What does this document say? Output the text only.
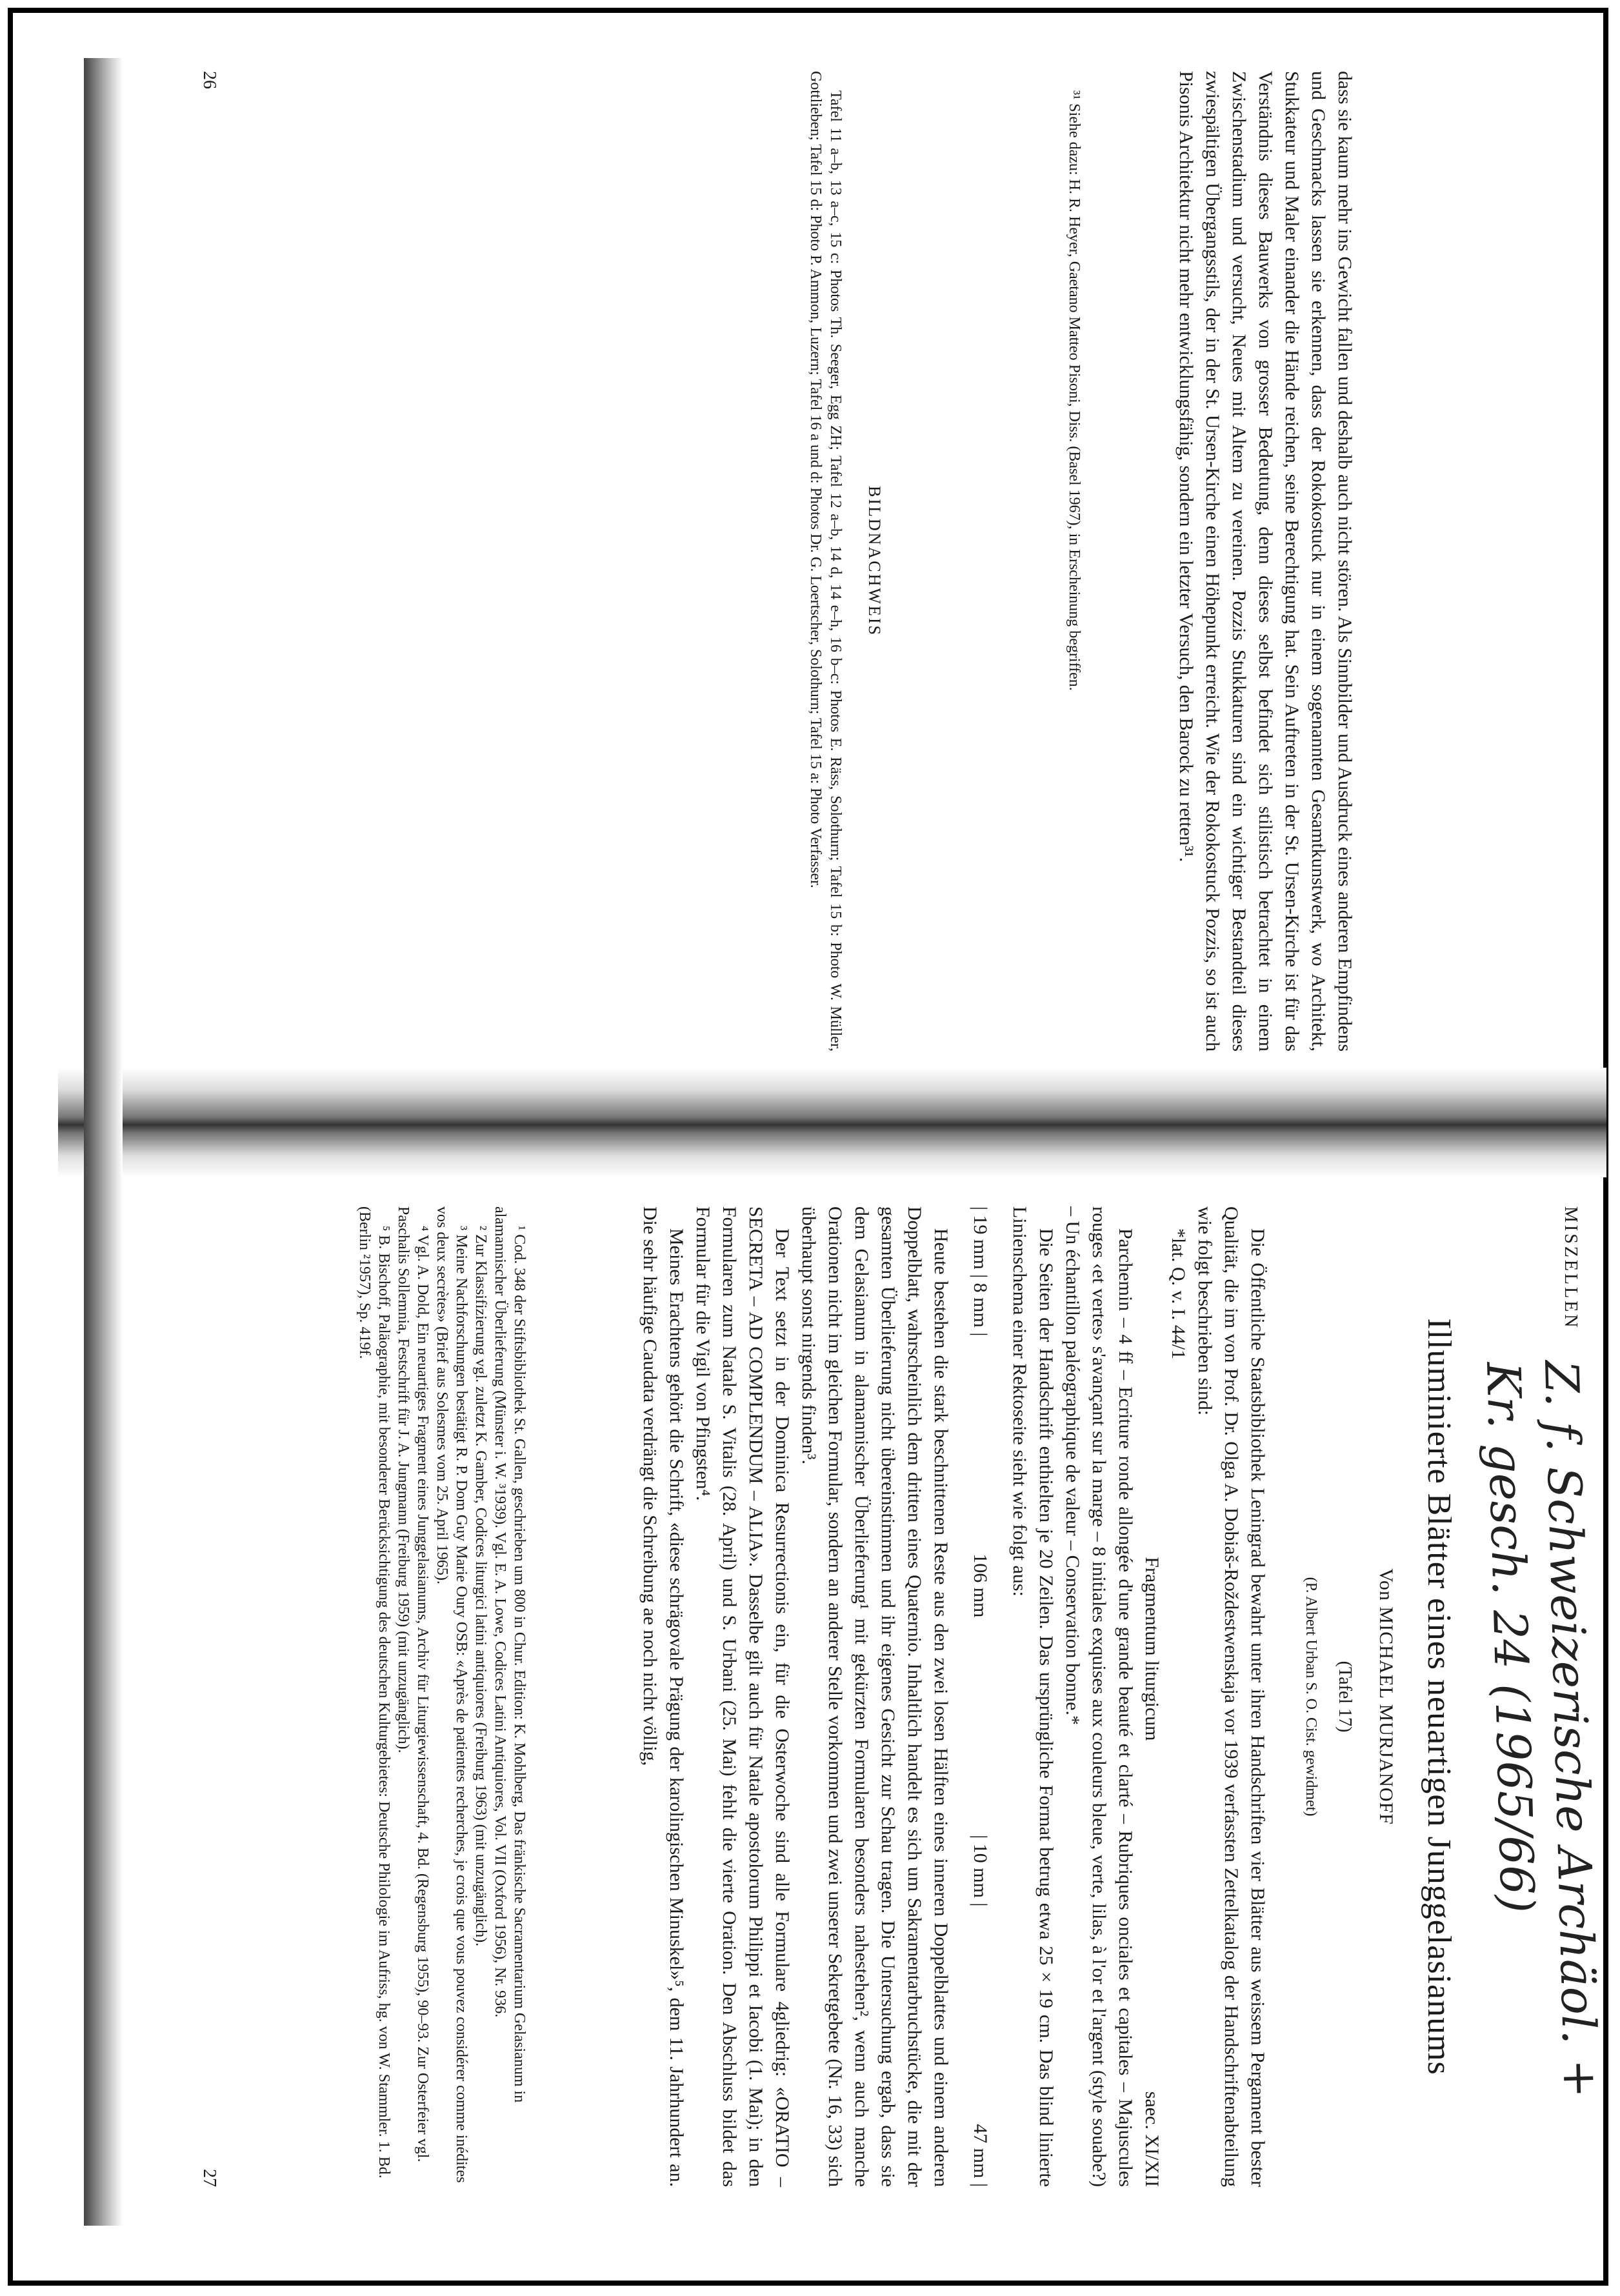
dass sie kaum mehr ins Gewicht fallen und deshalb auch nicht stören. Als Sinnbilder und Ausdruck eines anderen Empfindens und Geschmacks lassen sie erkennen, dass der Rokokostuck nur in einem sogenannten Gesamtkunstwerk, wo Architekt, Stukkateur und Maler einander die Hände reichen, seine Berechtigung hat. Sein Auftreten in der St. Ursen-Kirche ist für das Verständnis dieses Bauwerks von grosser Bedeutung, denn dieses selbst befindet sich stilistisch betrachtet in einem Zwischenstadium und versucht, Neues mit Altem zu vereinen. Pozzis Stukkaturen sind ein wichtiger Bestandteil dieses zwiespältigen Übergangsstils, der in der St. Ursen-Kirche einen Höhepunkt erreicht. Wie der Rokokostuck Pozzis, so ist auch Pisonis Architektur nicht mehr entwicklungsfähig, sondern ein letzter Versuch, den Barock zu retten³¹.

³¹ Siehe dazu: H. R. Heyer, Gaetano Matteo Pisoni, Diss. (Basel 1967), in Erscheinung begriffen.
BILDNACHWEIS
Tafel 11 a–b, 13 a–c, 15 c: Photos Th. Seeger, Egg ZH; Tafel 12 a–b, 14 d, 14 e–h, 16 b–c: Photos E. Räss, Solothurn; Tafel 15 b: Photo W. Müller, Gottlieben; Tafel 15 d: Photo P. Ammon, Luzern; Tafel 16 a und d: Photos Dr. G. Loertscher, Solothurn; Tafel 15 a: Photo Verfasser.
26
MISZELLEN
Z. f. Schweizerische Archäol. +
Kr. gesch. 24 (1965/66)
Illuminierte Blätter eines neuartigen Junggelasianums
Von MICHAEL MURJANOFF
(Tafel 17)
(P. Albert Urban S. O. Cist. gewidmet)

Die Öffentliche Staatsbibliothek Leningrad bewahrt unter ihren Handschriften vier Blätter aus weissem Pergament bester Qualität, die im von Prof. Dr. Olga A. Dobiaš-Roždestwenskaja vor 1939 verfassten Zettelkatalog der Handschriftenabteilung wie folgt beschrieben sind:

*lat. Q. v. I. 44/1

Fragmentum liturgicum
saec. XI/XII

Parchemin – 4 ff – Ecriture ronde allongée d'une grande beauté et clarté – Rubriques onciales et capitales – Majuscules rouges ‹et vertes› s'avançant sur la marge – 8 initiales exquises aux couleurs bleue, verte, lilas, à l'or et l'argent (style souabe?) – Un échantillon paléographique de valeur – Conservation bonne.*

Die Seiten der Handschrift enthielten je 20 Zeilen. Das ursprüngliche Format betrug etwa 25 × 19 cm. Das blind linierte Linienschema einer Rektoseite sieht wie folgt aus:

| 19 mm | 8 mm |
106 mm
| 10 mm |
47 mm |

Heute bestehen die stark beschnittenen Reste aus den zwei losen Hälften eines inneren Doppelblattes und einem anderen Doppelblatt, wahrscheinlich dem dritten eines Quaternio. Inhaltlich handelt es sich um Sakramentarbruchstücke, die mit der gesamten Überlieferung nicht übereinstimmen und ihr eigenes Gesicht zur Schau tragen. Die Untersuchung ergab, dass sie dem Gelasianum in alamannischer Überlieferung¹ mit gekürzten Formularen besonders nahestehen², wenn auch manche Orationen nicht im gleichen Formular, sondern an anderer Stelle vorkommen und zwei unserer Sekretgebete (Nr. 16, 33) sich überhaupt sonst nirgends finden³.

Der Text setzt in der Dominica Resurrectionis ein, für die Osterwoche sind alle Formulare 4gliedrig: «ORATIO – SECRETA – AD COMPLENDUM – ALIA». Dasselbe gilt auch für Natale apostolorum Philippi et Iacobi (1. Mai); in den Formularen zum Natale S. Vitalis (28. April) und S. Urbani (25. Mai) fehlt die vierte Oration. Den Abschluss bildet das Formular für die Vigil von Pfingsten⁴.

Meines Erachtens gehört die Schrift, «diese schrägovale Prägung der karolingischen Minuskel»⁵, dem 11. Jahrhundert an. Die sehr häufige Caudata verdrängt die Schreibung ae noch nicht völlig,

¹ Cod. 348 der Stiftsbibliothek St. Gallen, geschrieben um 800 in Chur. Edition: K. Mohlberg, Das fränkische Sacramentarium Gelasianum in alamannischer Überlieferung (Münster i. W. ³1939). Vgl. E. A. Lowe, Codices Latini Antiquiores, Vol. VII (Oxford 1956), Nr. 936.

² Zur Klassifizierung vgl. zuletzt K. Gamber, Codices liturgici latini antiquiores (Freiburg 1963) (mit unzugänglich).

³ Meine Nachforschungen bestätigt R. P. Dom Guy Marie Oury OSB: «Après de patientes recherches, je crois que vous pouvez considérer comme inédites vos deux secrètes» (Brief aus Solesmes vom 25. April 1965).

⁴ Vgl. A. Dold, Ein neuartiges Fragment eines Junggelasianums, Archiv für Liturgiewissenschaft, 4. Bd. (Regensburg 1955), 90–93. Zur Osterfeier vgl. Paschalis Sollemnia, Festschrift für J. A. Jungmann (Freiburg 1959) (mit unzugänglich).

⁵ B. Bischoff, Paläographie, mit besonderer Berücksichtigung des deutschen Kulturgebietes: Deutsche Philologie im Aufriss, hg. von W. Stammler. 1. Bd. (Berlin ²1957), Sp. 419f.

27
